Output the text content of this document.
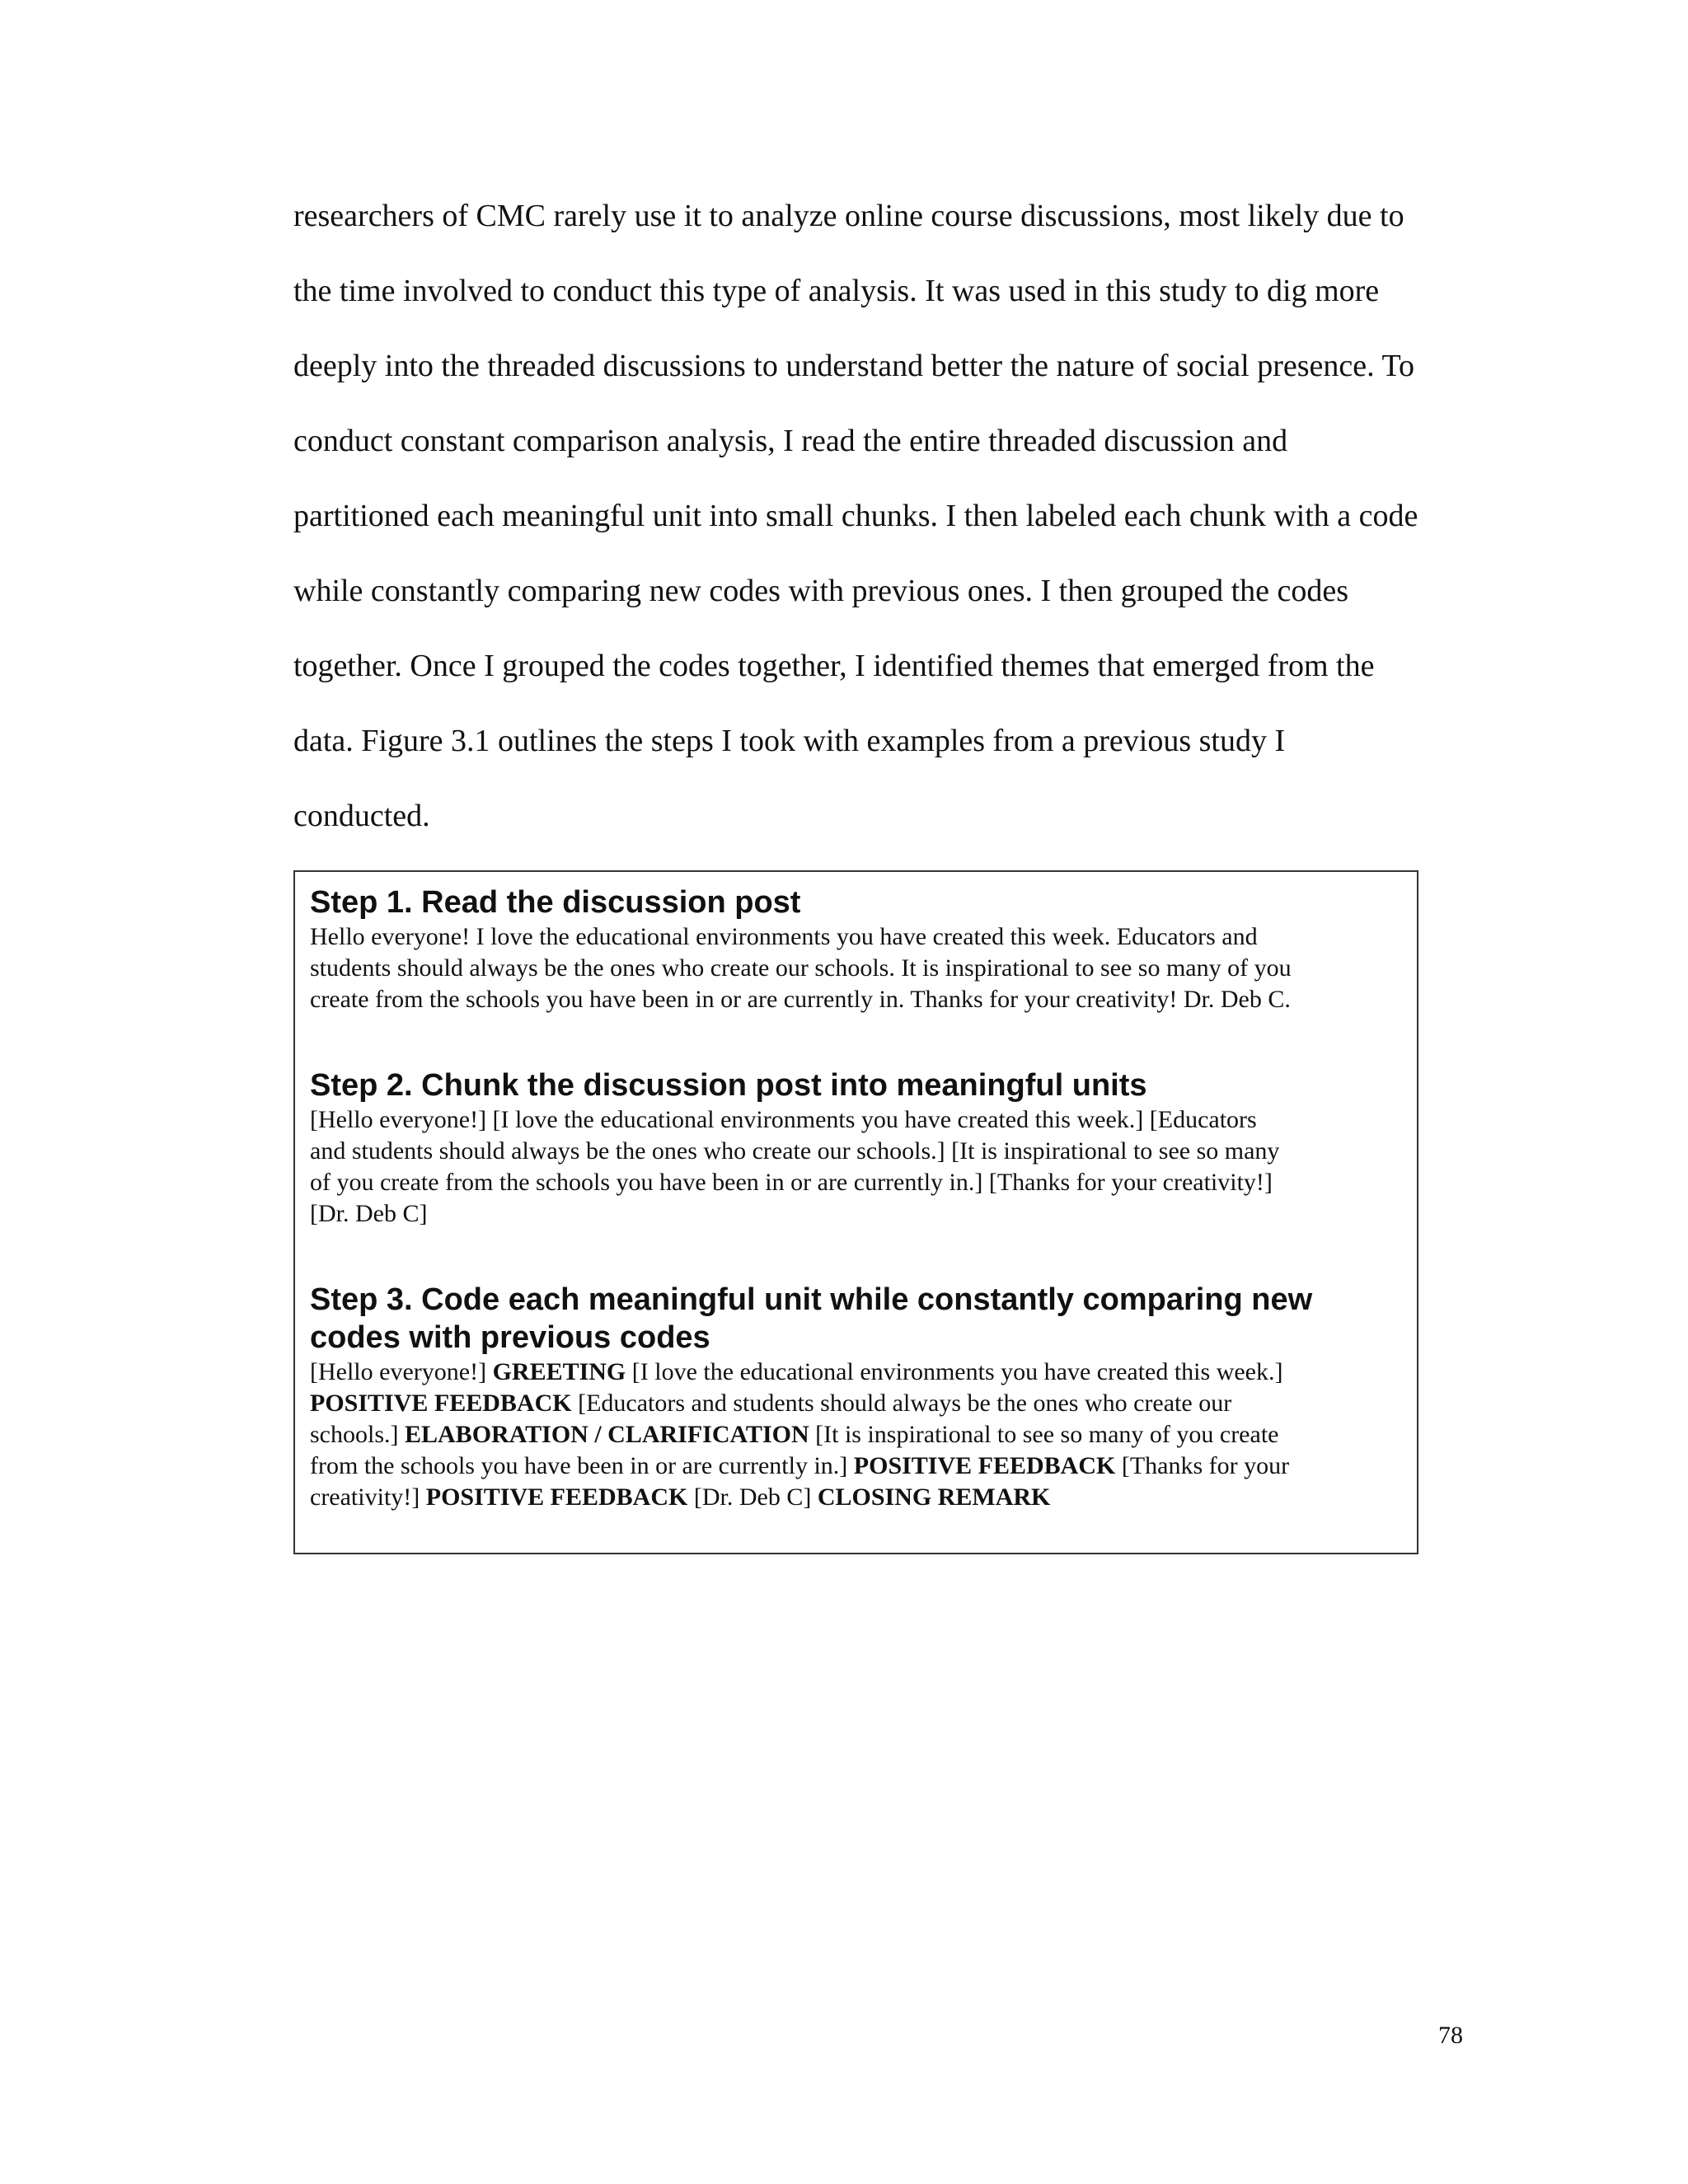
researchers of CMC rarely use it to analyze online course discussions, most likely due to
the time involved to conduct this type of analysis. It was used in this study to dig more
deeply into the threaded discussions to understand better the nature of social presence. To
conduct constant comparison analysis, I read the entire threaded discussion and
partitioned each meaningful unit into small chunks. I then labeled each chunk with a code
while constantly comparing new codes with previous ones. I then grouped the codes
together. Once I grouped the codes together, I identified themes that emerged from the
data. Figure 3.1 outlines the steps I took with examples from a previous study I
conducted.
Step 1. Read the discussion post
Hello everyone! I love the educational environments you have created this week. Educators and
students should always be the ones who create our schools. It is inspirational to see so many of you
create from the schools you have been in or are currently in. Thanks for your creativity! Dr. Deb C.
Step 2. Chunk the discussion post into meaningful units
[Hello everyone!] [I love the educational environments you have created this week.] [Educators
and students should always be the ones who create our schools.] [It is inspirational to see so many
of you create from the schools you have been in or are currently in.] [Thanks for your creativity!]
[Dr. Deb C]
Step 3. Code each meaningful unit while constantly comparing new
codes with previous codes
[Hello everyone!] GREETING [I love the educational environments you have created this week.]
POSITIVE FEEDBACK [Educators and students should always be the ones who create our
schools.] ELABORATION / CLARIFICATION [It is inspirational to see so many of you create
from the schools you have been in or are currently in.] POSITIVE FEEDBACK [Thanks for your
creativity!] POSITIVE FEEDBACK [Dr. Deb C] CLOSING REMARK
78
